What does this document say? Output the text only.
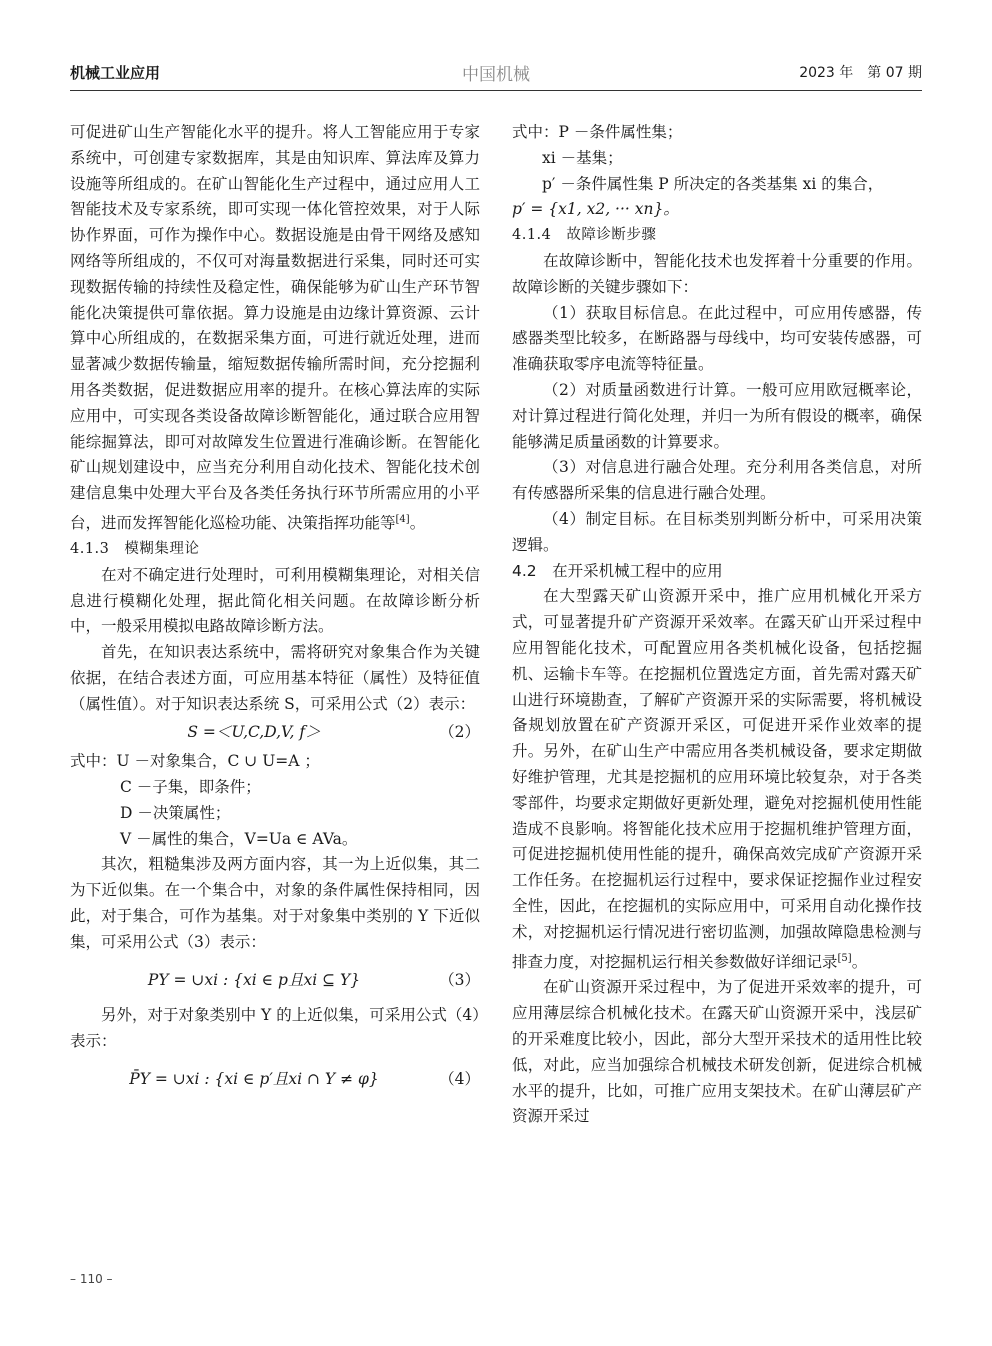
机械工业应用	中国机械	2023 年　第 07 期

可促进矿山生产智能化水平的提升。将人工智能应用于专家系统中，可创建专家数据库，其是由知识库、算法库及算力设施等所组成的。在矿山智能化生产过程中，通过应用人工智能技术及专家系统，即可实现一体化管控效果，对于人际协作界面，可作为操作中心。数据设施是由骨干网络及感知网络等所组成的，不仅可对海量数据进行采集，同时还可实现数据传输的持续性及稳定性，确保能够为矿山生产环节智能化决策提供可靠依据。算力设施是由边缘计算资源、云计算中心所组成的，在数据采集方面，可进行就近处理，进而显著减少数据传输量，缩短数据传输所需时间，充分挖掘利用各类数据，促进数据应用率的提升。在核心算法库的实际应用中，可实现各类设备故障诊断智能化，通过联合应用智能综掘算法，即可对故障发生位置进行准确诊断。在智能化矿山规划建设中，应当充分利用自动化技术、智能化技术创建信息集中处理大平台及各类任务执行环节所需应用的小平台，进而发挥智能化巡检功能、决策指挥功能等[4]。

4.1.3　模糊集理论

在对不确定进行处理时，可利用模糊集理论，对相关信息进行模糊化处理，据此简化相关问题。在故障诊断分析中，一般采用模拟电路故障诊断方法。

首先，在知识表达系统中，需将研究对象集合作为关键依据，在结合表述方面，可应用基本特征（属性）及特征值（属性值）。对于知识表达系统 S，可采用公式（2）表示：

S =＜U,C,D,V, f＞	（2）

式中：U －对象集合，C ∪ U=A ；

C －子集，即条件；

D －决策属性；

V －属性的集合，V=Ua ∈ AVa。

其次，粗糙集涉及两方面内容，其一为上近似集，其二为下近似集。在一个集合中，对象的条件属性保持相同，因此，对于集合，可作为基集。对于对象集中类别的 Y 下近似集，可采用公式（3）表示：

PY = ∪xi : {xi ∈ p且xi ⊆ Y}	（3）

另外，对于对象类别中 Y 的上近似集，可采用公式（4）表示：

P̄Y = ∪xi : {xi ∈ p′且xi ∩ Y ≠ φ}	（4）

式中：P －条件属性集；

xi －基集；

p′ －条件属性集 P 所决定的各类基集 xi 的集合，

p′ = {x1, x2, ··· xn}。

4.1.4　故障诊断步骤

在故障诊断中，智能化技术也发挥着十分重要的作用。故障诊断的关键步骤如下：

（1）获取目标信息。在此过程中，可应用传感器，传感器类型比较多，在断路器与母线中，均可安装传感器，可准确获取零序电流等特征量。

（2）对质量函数进行计算。一般可应用欧冠概率论，对计算过程进行简化处理，并归一为所有假设的概率，确保能够满足质量函数的计算要求。

（3）对信息进行融合处理。充分利用各类信息，对所有传感器所采集的信息进行融合处理。

（4）制定目标。在目标类别判断分析中，可采用决策逻辑。

4.2　在开采机械工程中的应用

在大型露天矿山资源开采中，推广应用机械化开采方式，可显著提升矿产资源开采效率。在露天矿山开采过程中应用智能化技术，可配置应用各类机械化设备，包括挖掘机、运输卡车等。在挖掘机位置选定方面，首先需对露天矿山进行环境勘查，了解矿产资源开采的实际需要，将机械设备规划放置在矿产资源开采区，可促进开采作业效率的提升。另外，在矿山生产中需应用各类机械设备，要求定期做好维护管理，尤其是挖掘机的应用环境比较复杂，对于各类零部件，均要求定期做好更新处理，避免对挖掘机使用性能造成不良影响。将智能化技术应用于挖掘机维护管理方面，可促进挖掘机使用性能的提升，确保高效完成矿产资源开采工作任务。在挖掘机运行过程中，要求保证挖掘作业过程安全性，因此，在挖掘机的实际应用中，可采用自动化操作技术，对挖掘机运行情况进行密切监测，加强故障隐患检测与排查力度，对挖掘机运行相关参数做好详细记录[5]。

在矿山资源开采过程中，为了促进开采效率的提升，可应用薄层综合机械化技术。在露天矿山资源开采中，浅层矿的开采难度比较小，因此，部分大型开采技术的适用性比较低，对此，应当加强综合机械技术研发创新，促进综合机械水平的提升，比如，可推广应用支架技术。在矿山薄层矿产资源开采过

– 110 –
